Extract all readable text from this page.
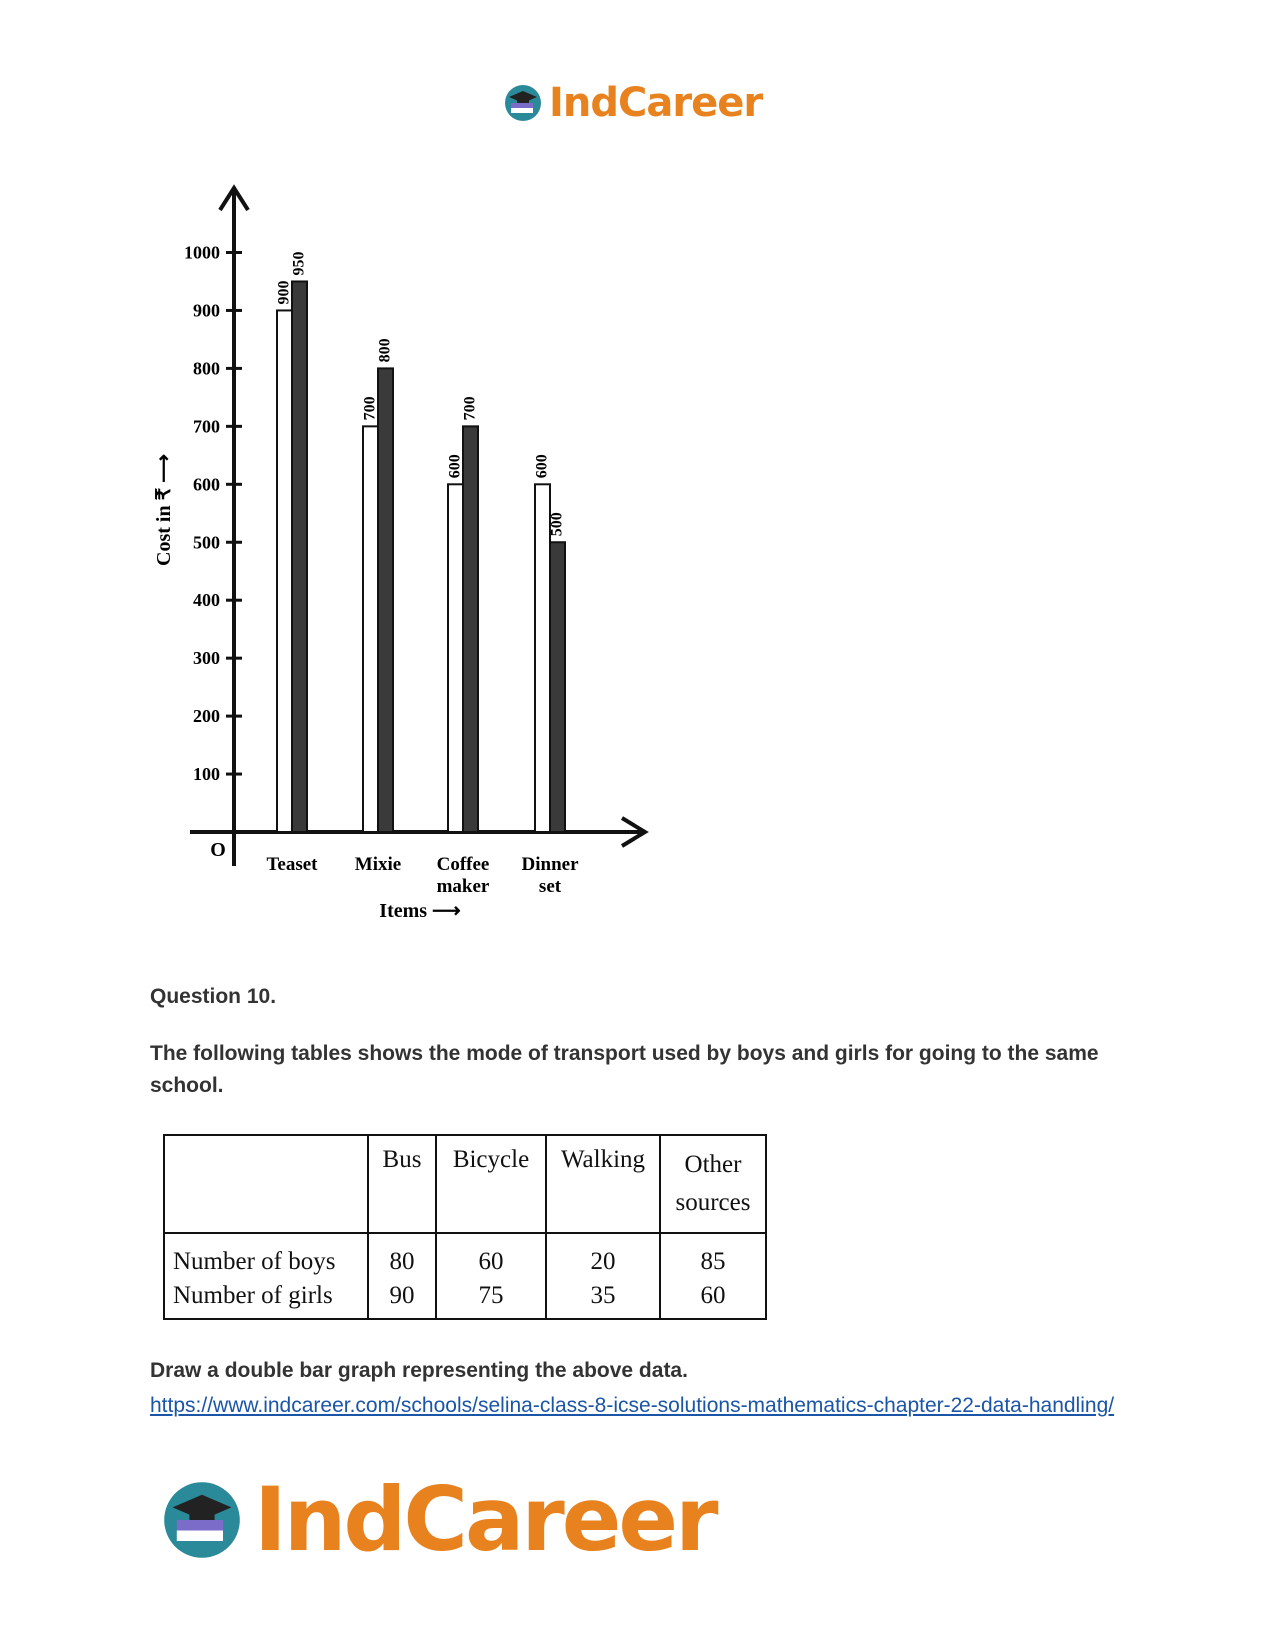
IndCareer
100
200
300
400
500
600
700
800
900
1000
900
950
700
800
600
700
600
500
Teaset Mixie Coffee
maker
Dinner
set
O
Cost in ₹ ⟶
Items ⟶
Question 10.
The following tables shows the mode of transport used by boys and girls for going to the same school.
	Bus	Bicycle	Walking	Other
sources
Number of boys	80	60	20	85
Number of girls	90	75	35	60
Draw a double bar graph representing the above data.
https://www.indcareer.com/schools/selina-class-8-icse-solutions-mathematics-chapter-22-data-handling/
IndCareer
